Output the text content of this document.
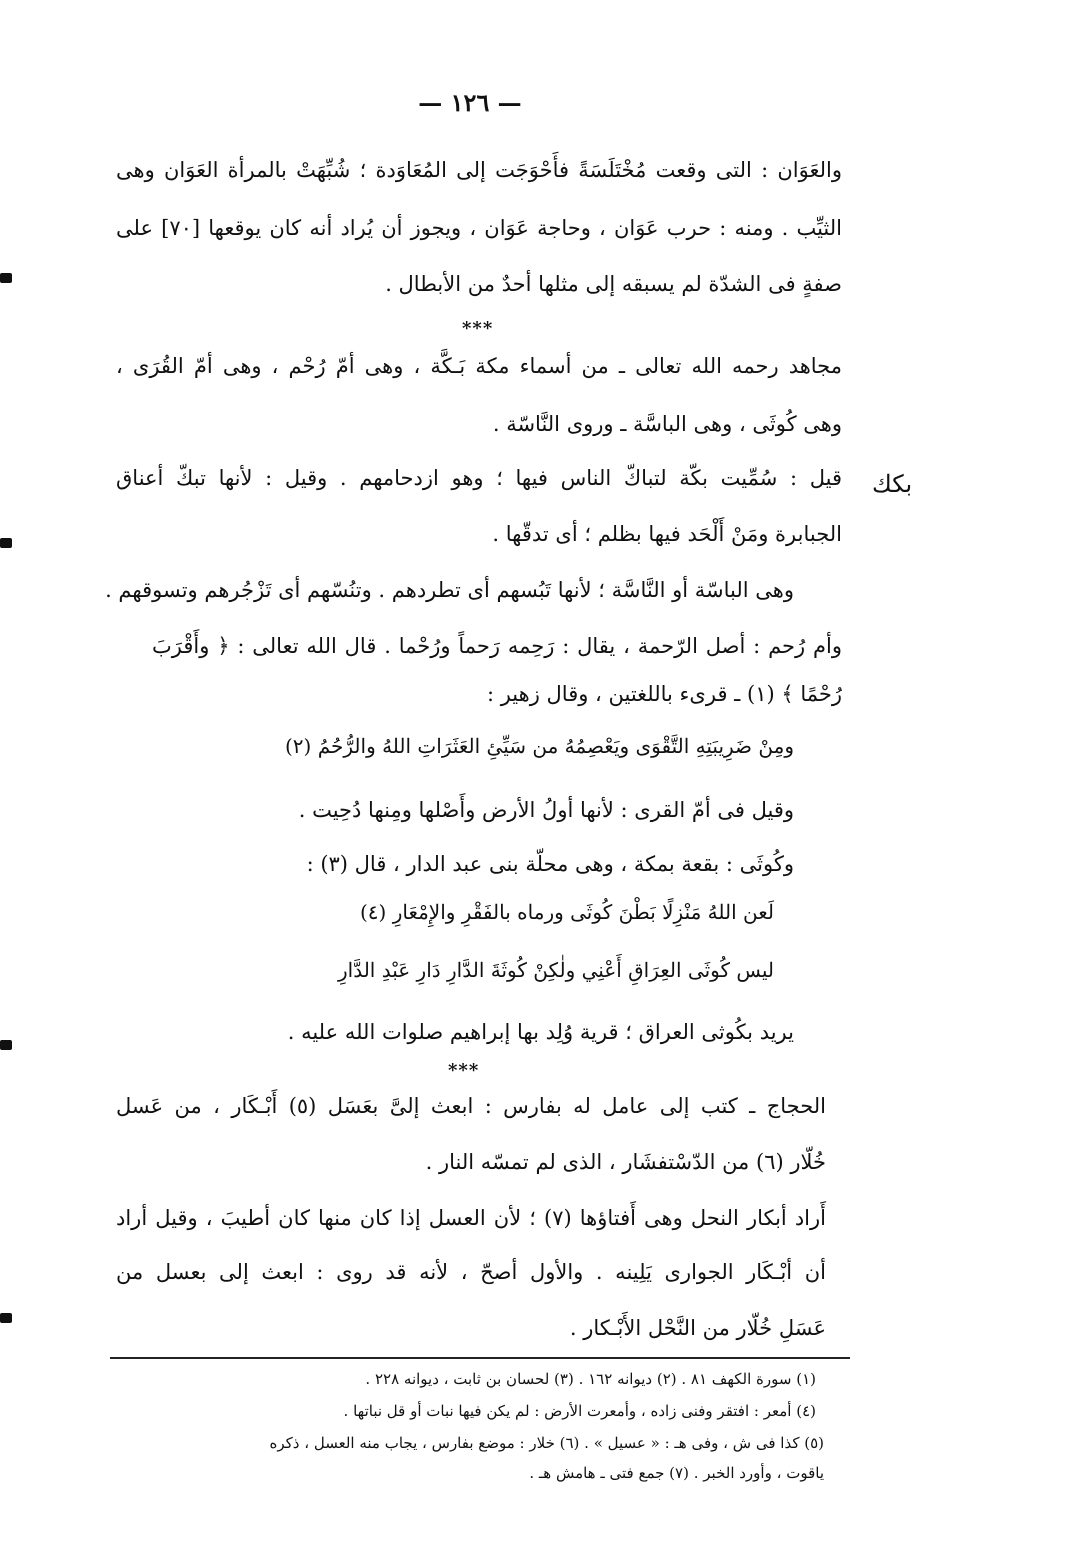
— ١٢٦ —
والعَوَان : التى وقعت مُخْتَلَسَةً فأَحْوَجَت إلى المُعَاوَدة ؛ شُبِّهَتْ بالمرأة العَوَان وهى
الثيِّب . ومنه : حرب عَوَان ، وحاجة عَوَان ، ويجوز أن يُراد أنه كان يوقعها [٧٠] على
صفةٍ فى الشدّة لم يسبقه إلى مثلها أحدٌ من الأبطال .
***
مجاهد رحمه الله تعالى ـ من أسماء مكة بَـكَّة ، وهى أمّ رُحْم ، وهى أمّ القُرَى ،
وهى كُوثَى ، وهى الباسَّة ـ وروى النَّاسّة .
بكك
قيل : سُمِّيت بكّة لتباكّ الناس فيها ؛ وهو ازدحامهم . وقيل : لأنها تبكّ أعناق
الجبابرة ومَنْ أَلْحَد فيها بظلم ؛ أى تدقّها .
وهى الباسّة أو النَّاسَّة ؛ لأنها تَبُسهم أى تطردهم . وتنُسّهم أى تَزْجُرهم وتسوقهم .
وأم رُحم : أصل الرّحمة ، يقال : رَحِمه رَحماً ورُحْما . قال الله تعالى : ﴿ وأَقْرَبَ
رُحْمًا ﴾ (١) ـ قرىء باللغتين ، وقال زهير :
ومِنْ ضَرِيبَتِهِ التَّقْوَى ويَعْصِمُهُ من سَيِّئِ العَثَرَاتِ اللهُ والرُّحُمُ (٢)
وقيل فى أمّ القرى : لأنها أولُ الأرض وأَصْلها ومِنها دُحِيت .
وكُوثَى : بقعة بمكة ، وهى محلّة بنى عبد الدار ، قال (٣) :
لَعن اللهُ مَنْزِلًا بَطْنَ كُوثَى ورماه بالفَقْرِ والإِمْعَارِ (٤)
ليس كُوثَى العِرَاقِ أَعْنِي ولٰكِنْ كُوثَةَ الدَّارِ دَارِ عَبْدِ الدَّارِ
يريد بكُوثى العراق ؛ قرية وُلِد بها إبراهيم صلوات الله عليه .
***
الحجاج ـ كتب إلى عامل له بفارس : ابعث إلىَّ بعَسَل (٥) أَبْـكَار ، من عَسل
خُلّار (٦) من الدّسْتفشَار ، الذى لم تمسّه النار .
أَراد أبكار النحل وهى أَفتاؤها (٧) ؛ لأن العسل إذا كان منها كان أطيبَ ، وقيل أراد
أن أبْـكَار الجوارى يَلِينه . والأول أصحّ ، لأنه قد روى : ابعث إلى بعسل من
عَسَلِ خُلّار من النَّحْل الأَبْـكار .
(١) سورة الكهف ٨١ . (٢) ديوانه ١٦٢ . (٣) لحسان بن ثابت ، ديوانه ٢٢٨ .
(٤) أمعر : افتقر وفنى زاده ، وأمعرت الأرض : لم يكن فيها نبات أو قل نباتها .
(٥) كذا فى ش ، وفى هـ : « عسيل » . (٦) خلار : موضع بفارس ، يجاب منه العسل ، ذكره
ياقوت ، وأورد الخبر . (٧) جمع فتى ـ هامش هـ .
